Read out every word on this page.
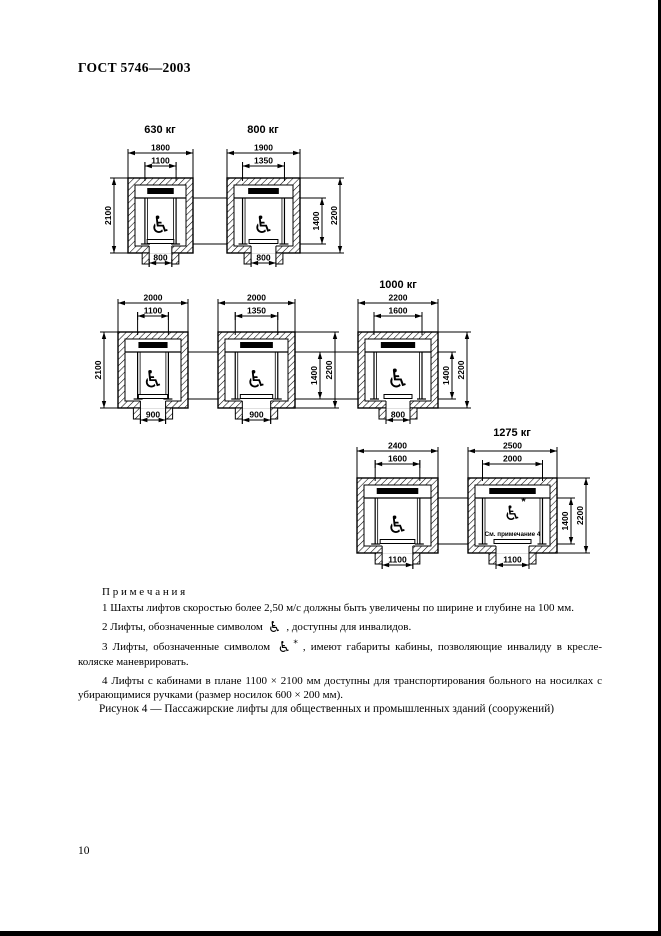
ГОСТ 5746—2003
630 кг	800 кг
1000 кг
1275 кг
♿
1800
1100
800
2100	♿
1900
1350
800
1400 2200
♿
2000
1100
900
2100	♿
2000
1350
900
1400 2200 ♿
2200
1600
800
1400 2200
♿
2400
1600
1100
♿ *
См. примечание 4
2500
2000
1100
1400 2200

П р и м е ч а н и я

1 Шахты лифтов скоростью более 2,50 м/с должны быть увеличены по ширине и глубине на 100 мм.

2 Лифты, обозначенные символом ♿ , доступны для инвалидов.

3 Лифты, обозначенные символом ♿* , имеют габариты кабины, позволяющие инвалиду в кресле-коляске маневрировать.

4 Лифты с кабинами в плане 1100 × 2100 мм доступны для транспортирования больного на носилках с убирающимися ручками (размер носилок 600 × 200 мм).

Рисунок 4 — Пассажирские лифты для общественных и промышленных зданий (сооружений)
10
